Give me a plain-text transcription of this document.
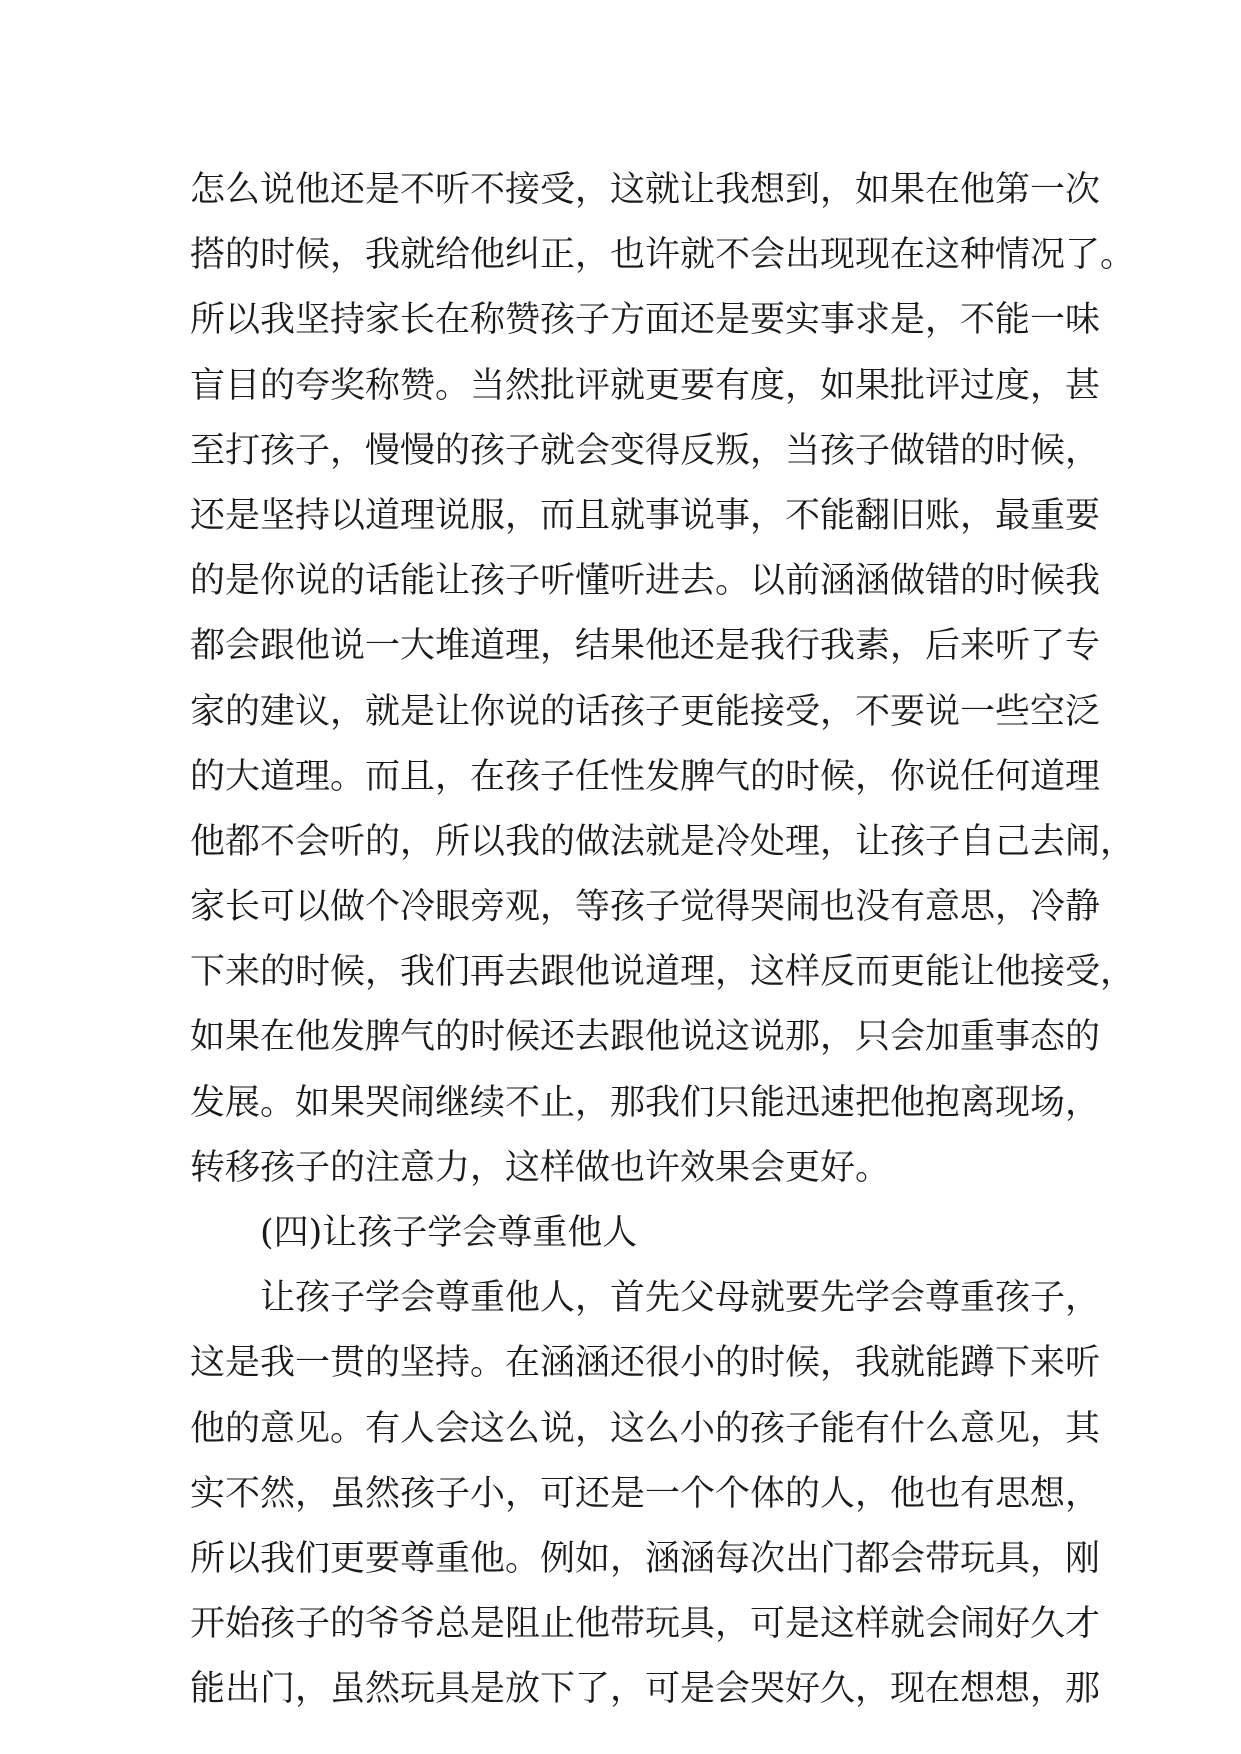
怎么说他还是不听不接受，这就让我想到，如果在他第一次
搭的时候，我就给他纠正，也许就不会出现现在这种情况了。
所以我坚持家长在称赞孩子方面还是要实事求是，不能一味
盲目的夸奖称赞。当然批评就更要有度，如果批评过度，甚
至打孩子，慢慢的孩子就会变得反叛，当孩子做错的时候，
还是坚持以道理说服，而且就事说事，不能翻旧账，最重要
的是你说的话能让孩子听懂听进去。以前涵涵做错的时候我
都会跟他说一大堆道理，结果他还是我行我素，后来听了专
家的建议，就是让你说的话孩子更能接受，不要说一些空泛
的大道理。而且，在孩子任性发脾气的时候，你说任何道理
他都不会听的，所以我的做法就是冷处理，让孩子自己去闹，
家长可以做个冷眼旁观，等孩子觉得哭闹也没有意思，冷静
下来的时候，我们再去跟他说道理，这样反而更能让他接受，
如果在他发脾气的时候还去跟他说这说那，只会加重事态的
发展。如果哭闹继续不止，那我们只能迅速把他抱离现场，
转移孩子的注意力，这样做也许效果会更好。
(四)让孩子学会尊重他人
让孩子学会尊重他人，首先父母就要先学会尊重孩子，
这是我一贯的坚持。在涵涵还很小的时候，我就能蹲下来听
他的意见。有人会这么说，这么小的孩子能有什么意见，其
实不然，虽然孩子小，可还是一个个体的人，他也有思想，
所以我们更要尊重他。例如，涵涵每次出门都会带玩具，刚
开始孩子的爷爷总是阻止他带玩具，可是这样就会闹好久才
能出门，虽然玩具是放下了，可是会哭好久，现在想想，那
